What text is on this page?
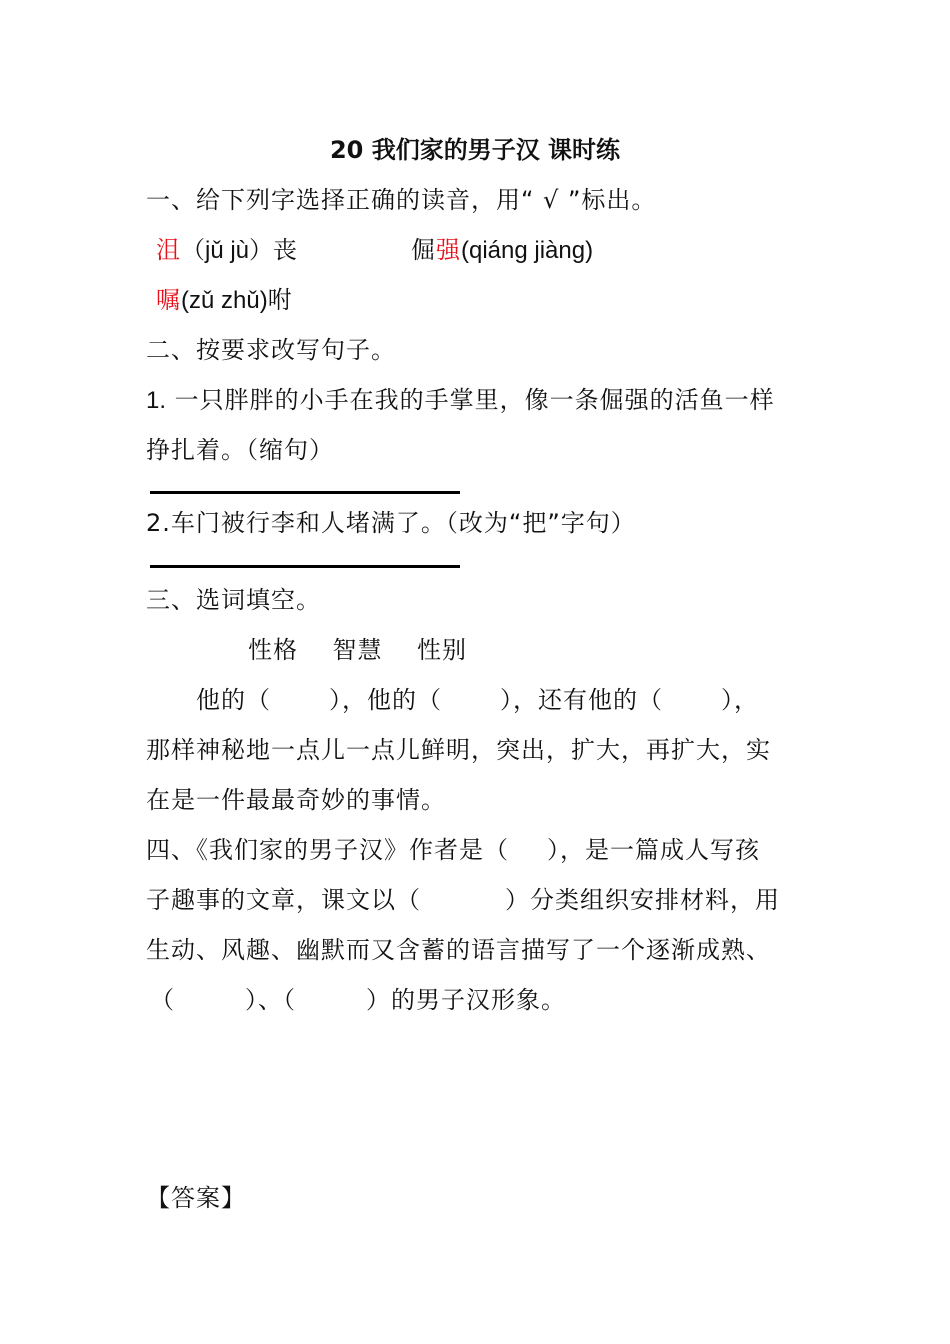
20 我们家的男子汉 课时练
一、给下列字选择正确的读音，用“ √ ”标出。
沮（jǔ jù）丧	倔强(qiáng jiàng)
嘱(zǔ zhǔ)咐
二、按要求改写句子。
1. 一只胖胖的小手在我的手掌里，像一条倔强的活鱼一样
挣扎着。（缩句）
2.车门被行李和人堵满了。（改为“把”字句）
三、选词填空。
性格    智慧    性别
他的（ ），他的（ ），还有他的（ ），
那样神秘地一点儿一点儿鲜明，突出，扩大，再扩大，实
在是一件最最奇妙的事情。
四、《我们家的男子汉》作者是（ ），是一篇成人写孩
子趣事的文章，课文以（	）分类组织安排材料，用
生动、风趣、幽默而又含蓄的语言描写了一个逐渐成熟、
（	）、（	）的男子汉形象。
【答案】
